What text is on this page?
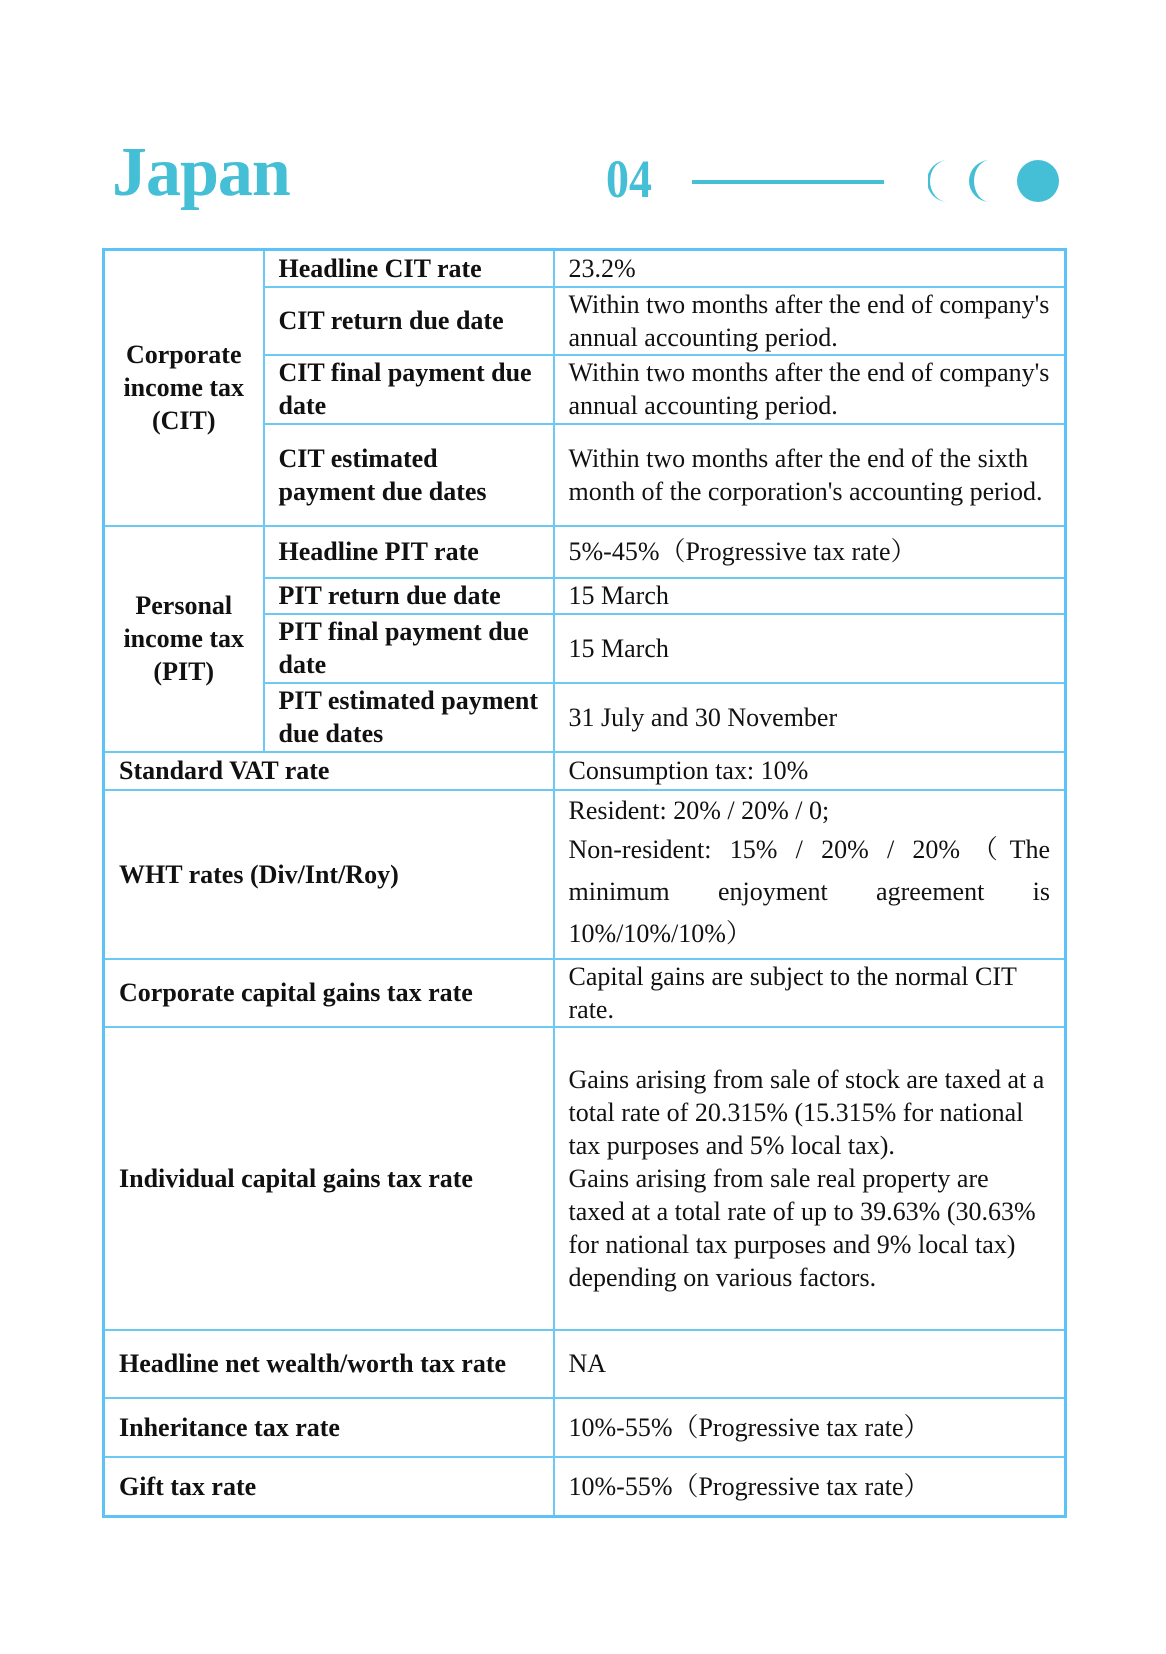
Japan	04
Corporate income tax (CIT)	Headline CIT rate	23.2%
	CIT return due date	Within two months after the end of company's annual accounting period.
	CIT final payment due date	Within two months after the end of company's annual accounting period.
	CIT estimated payment due dates	Within two months after the end of the sixth month of the corporation's accounting period.
Personal income tax (PIT)	Headline PIT rate	5%-45%（Progressive tax rate）
	PIT return due date	15 March
	PIT final payment due date	15 March
	PIT estimated payment due dates	31 July and 30 November
Standard VAT rate		Consumption tax: 10%
WHT rates (Div/Int/Roy)		Resident: 20% / 20% / 0;

Non-resident: 15% / 20% / 20%（The minimum enjoyment agreement is 10%/10%/10%）

Corporate capital gains tax rate		Capital gains are subject to the normal CIT rate.
Individual capital gains tax rate		Gains arising from sale of stock are taxed at a total rate of 20.315% (15.315% for national tax purposes and 5% local tax).

Gains arising from sale real property are taxed at a total rate of up to 39.63% (30.63% for national tax purposes and 9% local tax) depending on various factors.

Headline net wealth/worth tax rate		NA
Inheritance tax rate		10%-55%（Progressive tax rate）
Gift tax rate		10%-55%（Progressive tax rate）
